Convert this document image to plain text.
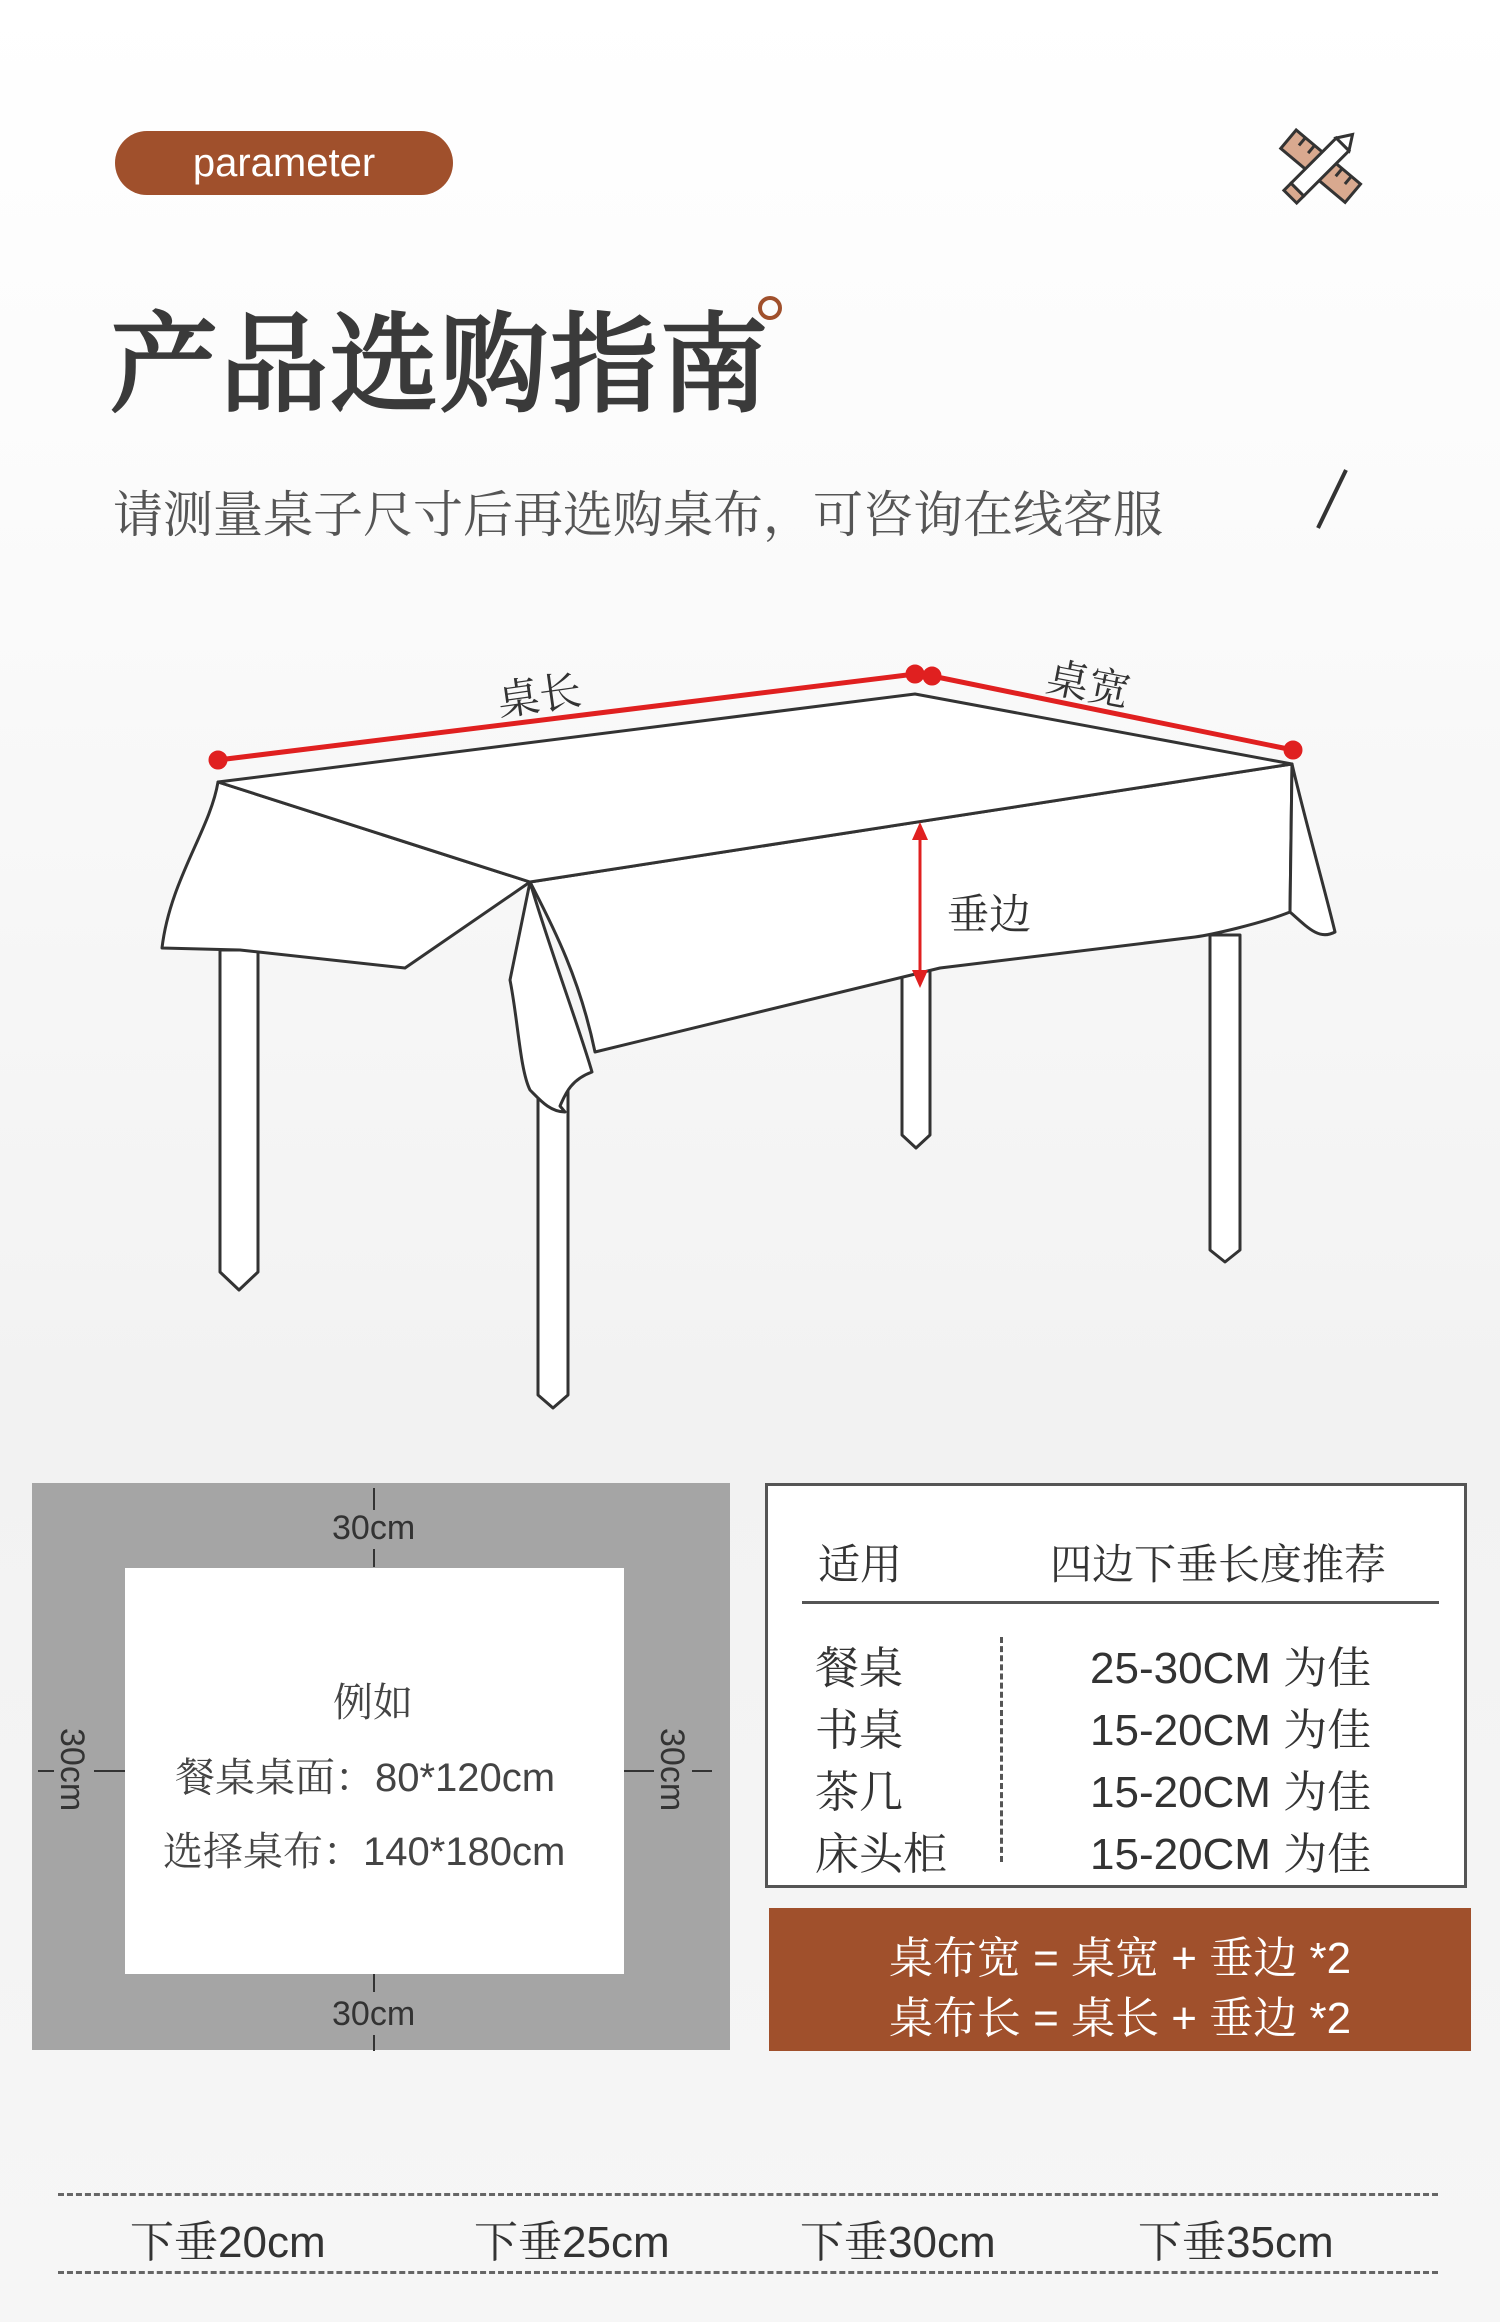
parameter
产品选购指南
请测量桌子尺寸后再选购桌布，可咨询在线客服
桌长	桌宽
垂边
30cm
30cm
30cm	30cm
例如
餐桌桌面：80*120cm
选择桌布：140*180cm
适用	四边下垂长度推荐
餐桌	25-30CM 为佳
书桌	15-20CM 为佳
茶几	15-20CM 为佳
床头柜	15-20CM 为佳
桌布宽 = 桌宽 + 垂边 *2
桌布长 = 桌长 + 垂边 *2
下垂20cm	下垂25cm	下垂30cm	下垂35cm
